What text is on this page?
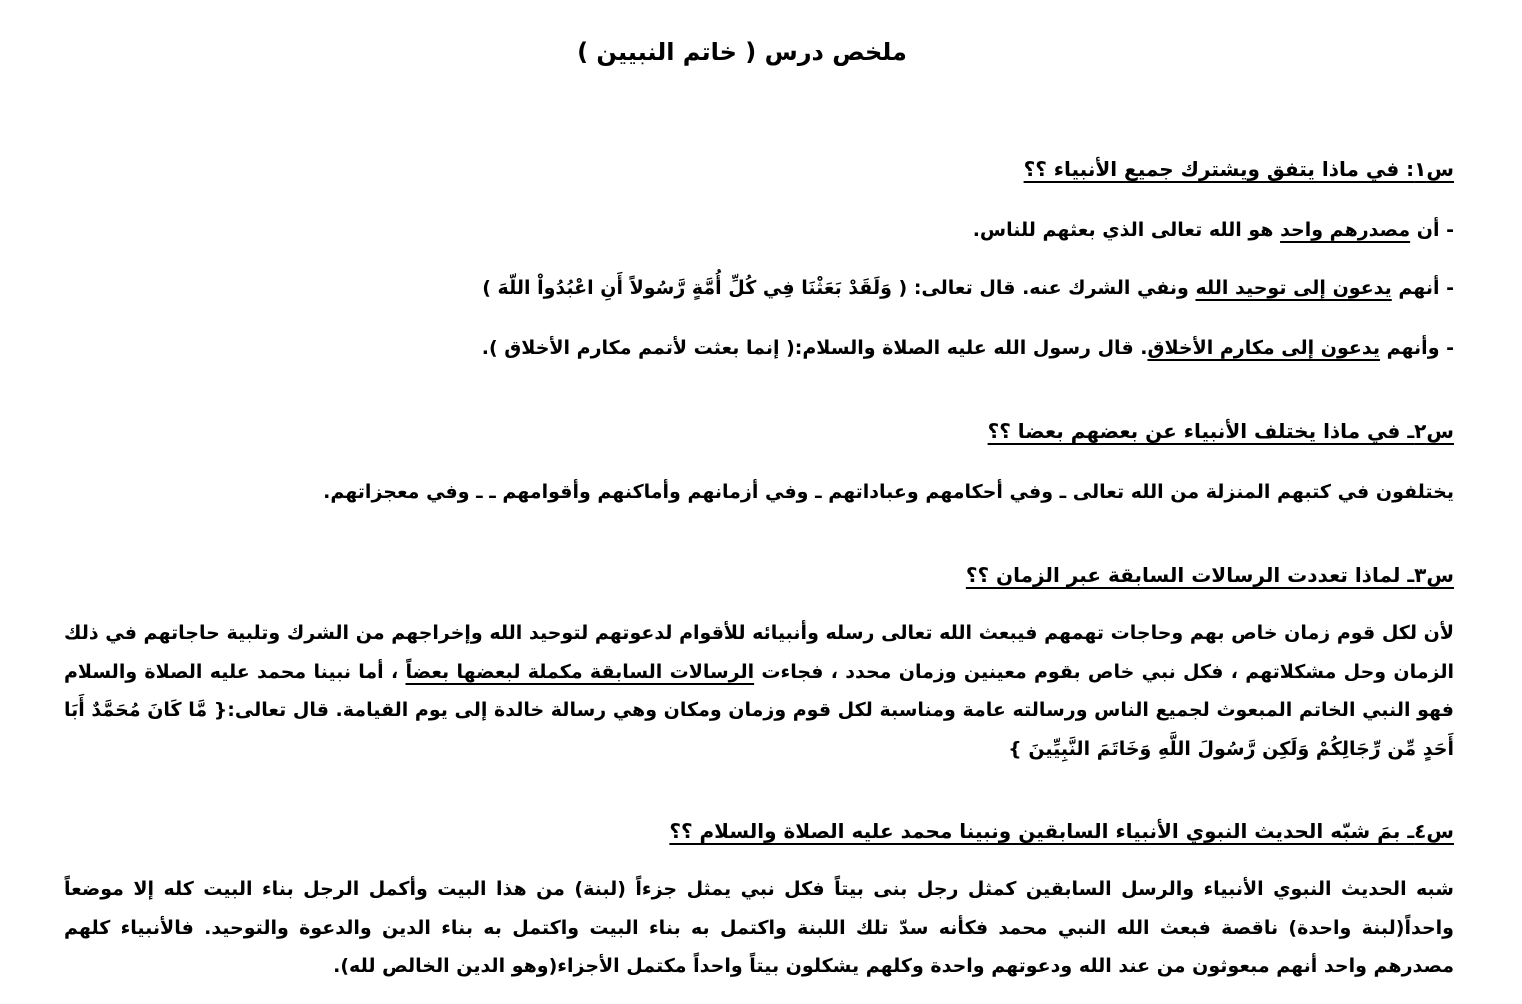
ملخص درس ( خاتم النبيين )

س١: في ماذا يتفق ويشترك جميع الأنبياء ؟؟

- أن مصدرهم واحد هو الله تعالى الذي بعثهم للناس.

- أنهم يدعون إلى توحيد الله ونفي الشرك عنه. قال تعالى: ( وَلَقَدْ بَعَثْنَا فِي كُلِّ أُمَّةٍ رَّسُولاً أَنِ اعْبُدُواْ اللّهَ )

- وأنهم يدعون إلى مكارم الأخلاق. قال رسول الله عليه الصلاة والسلام:( إنما بعثت لأتمم مكارم الأخلاق ).

س٢ـ في ماذا يختلف الأنبياء عن بعضهم بعضا ؟؟

يختلفون في كتبهم المنزلة من الله تعالى ـ وفي أحكامهم وعباداتهم ـ وفي أزمانهم وأماكنهم وأقوامهم ـ ـ وفي معجزاتهم.

س٣ـ لماذا تعددت الرسالات السابقة عبر الزمان ؟؟

لأن لكل قوم زمان خاص بهم وحاجات تهمهم فيبعث الله تعالى رسله وأنبيائه للأقوام لدعوتهم لتوحيد الله وإخراجهم من الشرك وتلبية حاجاتهم في ذلك الزمان وحل مشكلاتهم ، فكل نبي خاص بقوم معينين وزمان محدد ، فجاءت الرسالات السابقة مكملة لبعضها بعضاً ، أما نبينا محمد عليه الصلاة والسلام فهو النبي الخاتم المبعوث لجميع الناس ورسالته عامة ومناسبة لكل قوم وزمان ومكان وهي رسالة خالدة إلى يوم القيامة. قال تعالى:{ مَّا كَانَ مُحَمَّدٌ أَبَا أَحَدٍ مِّن رِّجَالِكُمْ وَلَكِن رَّسُولَ اللَّهِ وَخَاتَمَ النَّبِيِّينَ }

س٤ـ بمَ شبّه الحديث النبوي الأنبياء السابقين ونبينا محمد عليه الصلاة والسلام ؟؟

شبه الحديث النبوي الأنبياء والرسل السابقين كمثل رجل بنى بيتاً فكل نبي يمثل جزءاً (لبنة) من هذا البيت وأكمل الرجل بناء البيت كله إلا موضعاً واحداً(لبنة واحدة) ناقصة فبعث الله النبي محمد فكأنه سدّ تلك اللبنة واكتمل به بناء البيت واكتمل به بناء الدين والدعوة والتوحيد. فالأنبياء كلهم مصدرهم واحد أنهم مبعوثون من عند الله ودعوتهم واحدة وكلهم يشكلون بيتاً واحداً مكتمل الأجزاء(وهو الدين الخالص لله).
